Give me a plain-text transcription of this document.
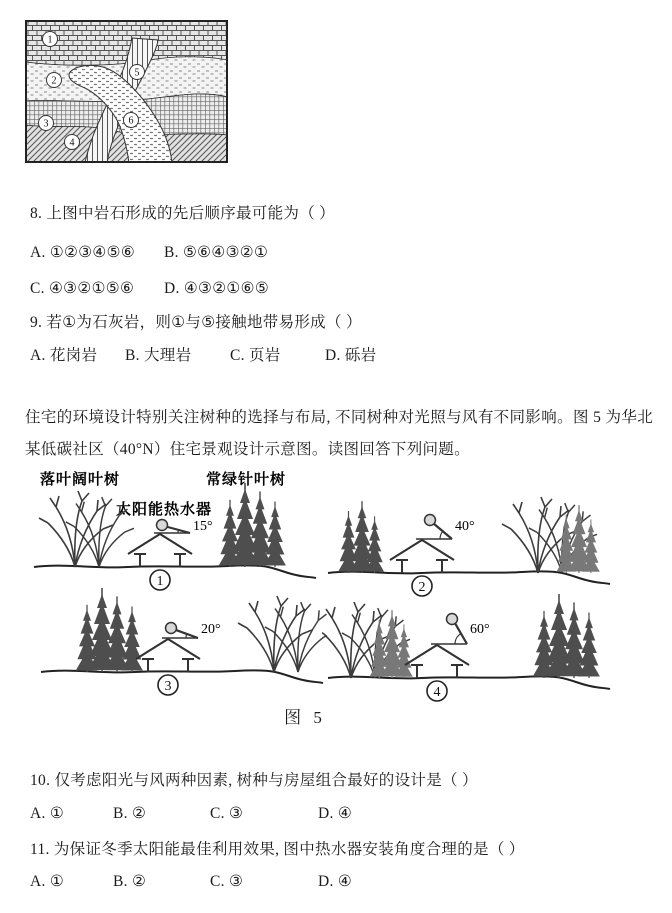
1
2
3
4
5
6
8. 上图中岩石形成的先后顺序最可能为（ ）
A. ①②③④⑤⑥	B. ⑤⑥④③②①
C. ④③②①⑤⑥	D. ④③②①⑥⑤
9. 若①为石灰岩，则①与⑤接触地带易形成（ ）
A. 花岗岩	B. 大理岩	C. 页岩	D. 砾岩
住宅的环境设计特别关注树种的选择与布局, 不同树种对光照与风有不同影响。图 5 为华北某低碳社区（40°N）住宅景观设计示意图。读图回答下列问题。
落叶阔叶树	常绿针叶树
太阳能热水器
15°
1
40°
2
20°
3
60°
4
图 5
10. 仅考虑阳光与风两种因素, 树种与房屋组合最好的设计是（ ）
A. ①	B. ②	C. ③	D. ④
11. 为保证冬季太阳能最佳利用效果, 图中热水器安装角度合理的是（ ）
A. ①	B. ②	C. ③	D. ④
